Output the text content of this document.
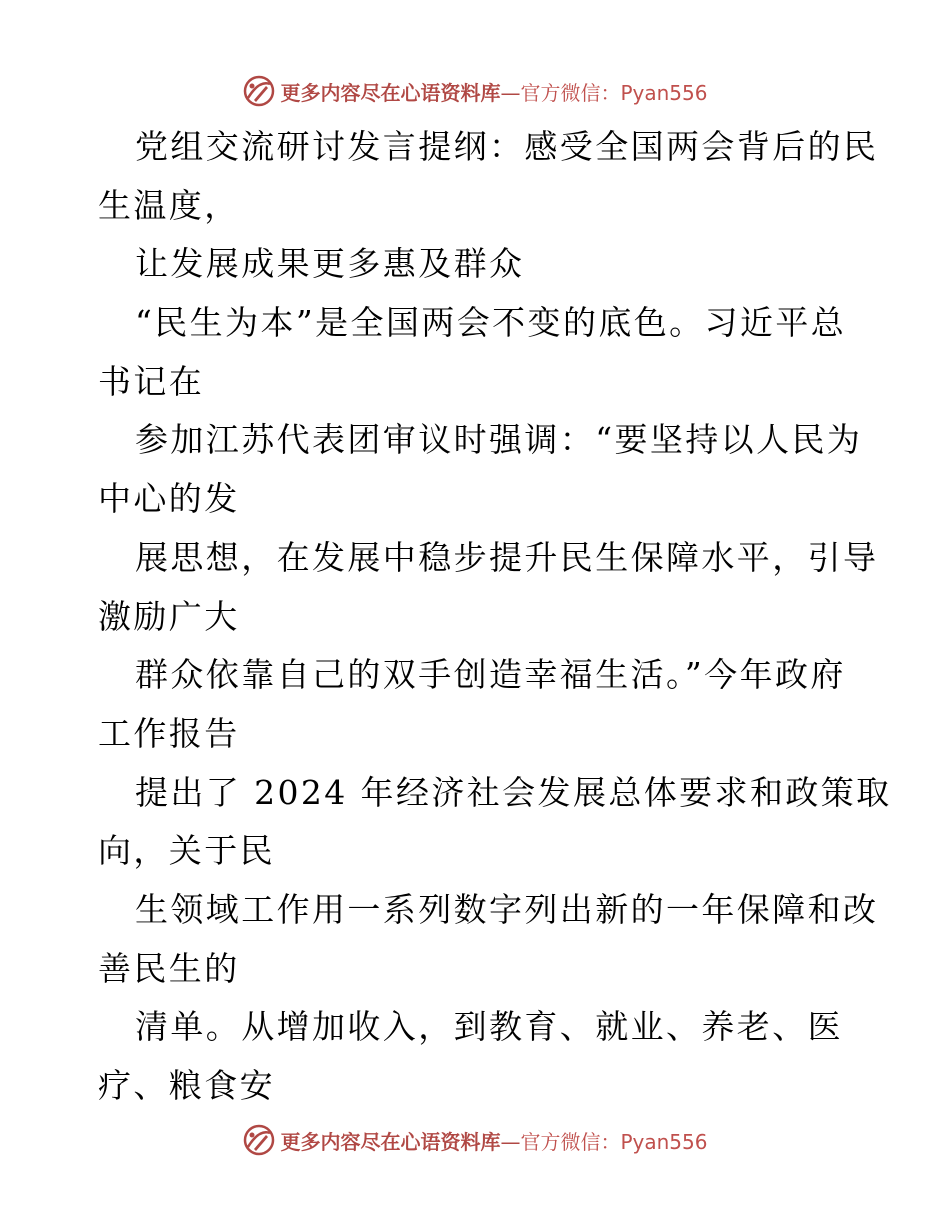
更多内容尽在心语资料库—官方微信：Pyan556
党组交流研讨发言提纲：感受全国两会背后的民
生温度，
让发展成果更多惠及群众
“民生为本”是全国两会不变的底色。习近平总
书记在
参加江苏代表团审议时强调：“要坚持以人民为
中心的发
展思想，在发展中稳步提升民生保障水平，引导
激励广大
群众依靠自己的双手创造幸福生活。”今年政府
工作报告
提出了 2024 年经济社会发展总体要求和政策取
向，关于民
生领域工作用一系列数字列出新的一年保障和改
善民生的
清单。从增加收入，到教育、就业、养老、医
疗、粮食安
更多内容尽在心语资料库—官方微信：Pyan556
